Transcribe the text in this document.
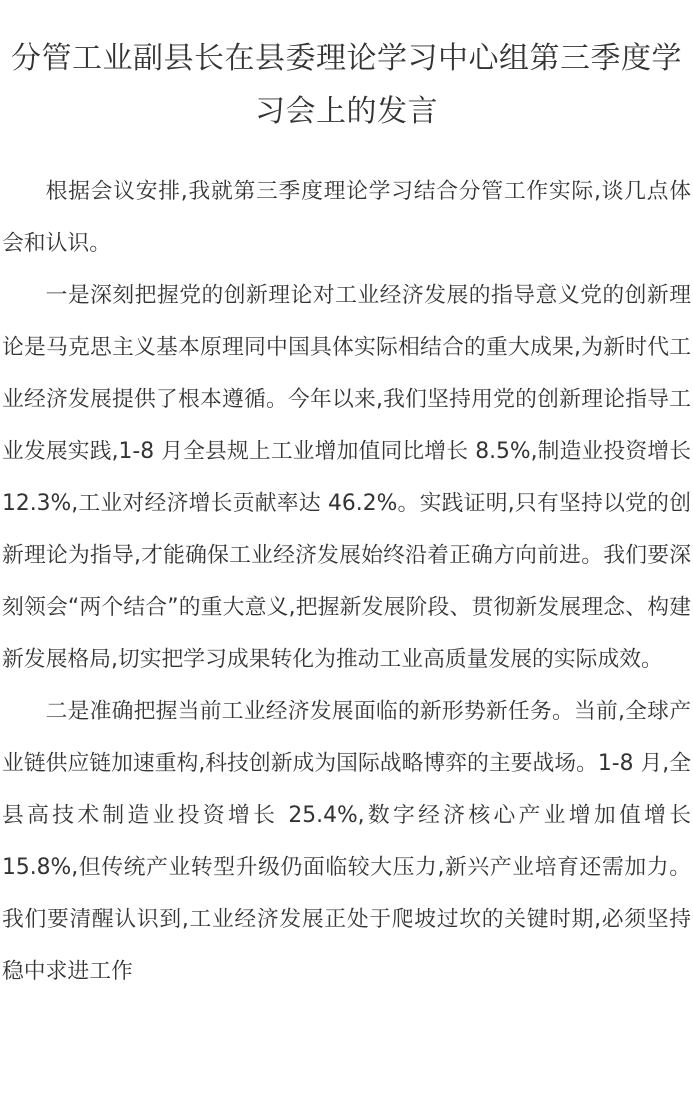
分管工业副县长在县委理论学习中心组第三季度学习会上的发言

根据会议安排,我就第三季度理论学习结合分管工作实际,谈几点体会和认识。

一是深刻把握党的创新理论对工业经济发展的指导意义党的创新理论是马克思主义基本原理同中国具体实际相结合的重大成果,为新时代工业经济发展提供了根本遵循。今年以来,我们坚持用党的创新理论指导工业发展实践,1-8 月全县规上工业增加值同比增长 8.5%,制造业投资增长 12.3%,工业对经济增长贡献率达 46.2%。实践证明,只有坚持以党的创新理论为指导,才能确保工业经济发展始终沿着正确方向前进。我们要深刻领会“两个结合”的重大意义,把握新发展阶段、贯彻新发展理念、构建新发展格局,切实把学习成果转化为推动工业高质量发展的实际成效。

二是准确把握当前工业经济发展面临的新形势新任务。当前,全球产业链供应链加速重构,科技创新成为国际战略博弈的主要战场。1-8 月,全县高技术制造业投资增长 25.4%,数字经济核心产业增加值增长 15.8%,但传统产业转型升级仍面临较大压力,新兴产业培育还需加力。我们要清醒认识到,工业经济发展正处于爬坡过坎的关键时期,必须坚持稳中求进工作
